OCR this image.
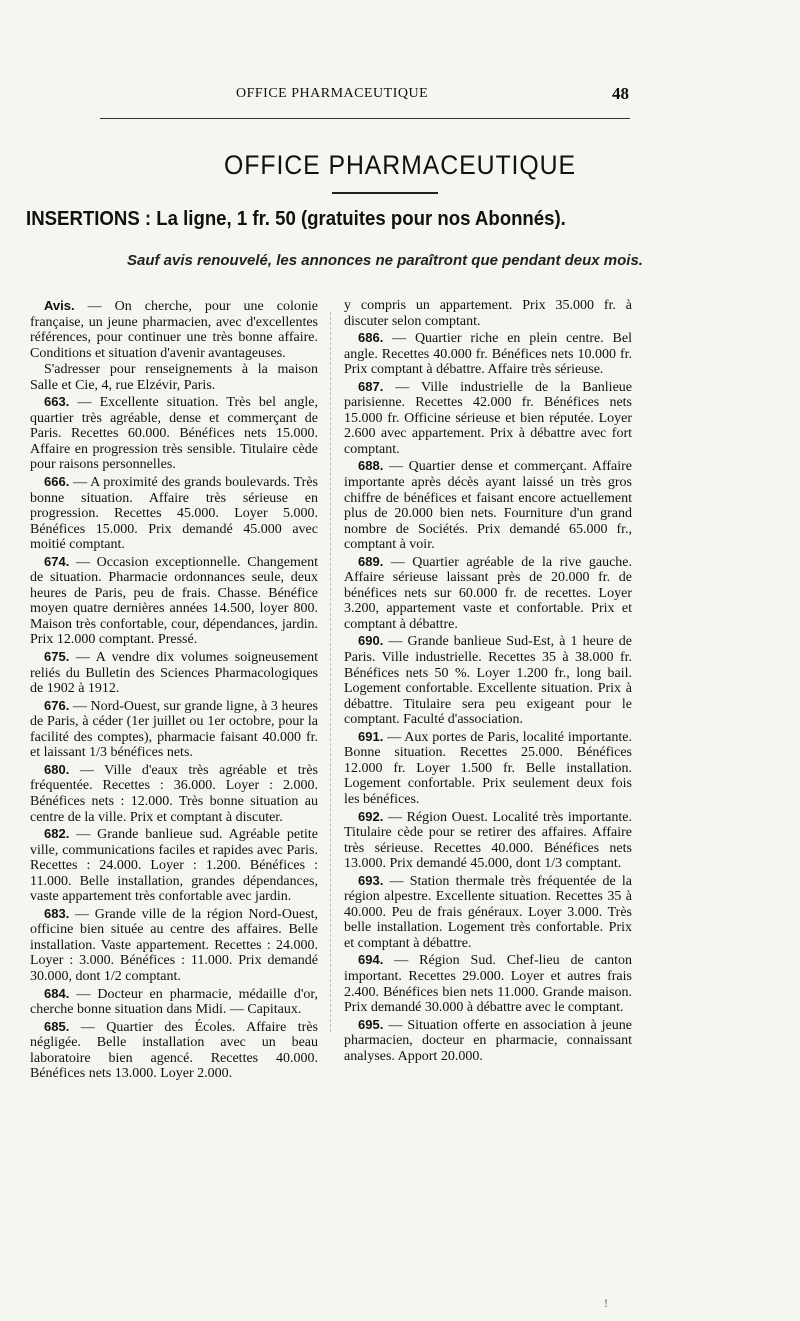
OFFICE PHARMACEUTIQUE	48
OFFICE PHARMACEUTIQUE
INSERTIONS : La ligne, 1 fr. 50 (gratuites pour nos Abonnés).
Sauf avis renouvelé, les annonces ne paraîtront que pendant deux mois.

Avis. — On cherche, pour une colonie française, un jeune pharmacien, avec d'excellentes références, pour continuer une très bonne affaire. Conditions et situation d'avenir avantageuses.

S'adresser pour renseignements à la maison Salle et Cie, 4, rue Elzévir, Paris.

663. — Excellente situation. Très bel angle, quartier très agréable, dense et commerçant de Paris. Recettes 60.000. Bénéfices nets 15.000. Affaire en progression très sensible. Titulaire cède pour raisons personnelles.

666. — A proximité des grands boulevards. Très bonne situation. Affaire très sérieuse en progression. Recettes 45.000. Loyer 5.000. Bénéfices 15.000. Prix demandé 45.000 avec moitié comptant.

674. — Occasion exceptionnelle. Changement de situation. Pharmacie ordonnances seule, deux heures de Paris, peu de frais. Chasse. Bénéfice moyen quatre dernières années 14.500, loyer 800. Maison très confortable, cour, dépendances, jardin. Prix 12.000 comptant. Pressé.

675. — A vendre dix volumes soigneusement reliés du Bulletin des Sciences Pharmacologiques de 1902 à 1912.

676. — Nord-Ouest, sur grande ligne, à 3 heures de Paris, à céder (1er juillet ou 1er octobre, pour la facilité des comptes), pharmacie faisant 40.000 fr. et laissant 1/3 bénéfices nets.

680. — Ville d'eaux très agréable et très fréquentée. Recettes : 36.000. Loyer : 2.000. Bénéfices nets : 12.000. Très bonne situation au centre de la ville. Prix et comptant à discuter.

682. — Grande banlieue sud. Agréable petite ville, communications faciles et rapides avec Paris. Recettes : 24.000. Loyer : 1.200. Bénéfices : 11.000. Belle installation, grandes dépendances, vaste appartement très confortable avec jardin.

683. — Grande ville de la région Nord-Ouest, officine bien située au centre des affaires. Belle installation. Vaste appartement. Recettes : 24.000. Loyer : 3.000. Bénéfices : 11.000. Prix demandé 30.000, dont 1/2 comptant.

684. — Docteur en pharmacie, médaille d'or, cherche bonne situation dans Midi. — Capitaux.

685. — Quartier des Écoles. Affaire très négligée. Belle installation avec un beau laboratoire bien agencé. Recettes 40.000. Bénéfices nets 13.000. Loyer 2.000.

y compris un appartement. Prix 35.000 fr. à discuter selon comptant.

686. — Quartier riche en plein centre. Bel angle. Recettes 40.000 fr. Bénéfices nets 10.000 fr. Prix comptant à débattre. Affaire très sérieuse.

687. — Ville industrielle de la Banlieue parisienne. Recettes 42.000 fr. Bénéfices nets 15.000 fr. Officine sérieuse et bien réputée. Loyer 2.600 avec appartement. Prix à débattre avec fort comptant.

688. — Quartier dense et commerçant. Affaire importante après décès ayant laissé un très gros chiffre de bénéfices et faisant encore actuellement plus de 20.000 bien nets. Fourniture d'un grand nombre de Sociétés. Prix demandé 65.000 fr., comptant à voir.

689. — Quartier agréable de la rive gauche. Affaire sérieuse laissant près de 20.000 fr. de bénéfices nets sur 60.000 fr. de recettes. Loyer 3.200, appartement vaste et confortable. Prix et comptant à débattre.

690. — Grande banlieue Sud-Est, à 1 heure de Paris. Ville industrielle. Recettes 35 à 38.000 fr. Bénéfices nets 50 %. Loyer 1.200 fr., long bail. Logement confortable. Excellente situation. Prix à débattre. Titulaire sera peu exigeant pour le comptant. Faculté d'association.

691. — Aux portes de Paris, localité importante. Bonne situation. Recettes 25.000. Bénéfices 12.000 fr. Loyer 1.500 fr. Belle installation. Logement confortable. Prix seulement deux fois les bénéfices.

692. — Région Ouest. Localité très importante. Titulaire cède pour se retirer des affaires. Affaire très sérieuse. Recettes 40.000. Bénéfices nets 13.000. Prix demandé 45.000, dont 1/3 comptant.

693. — Station thermale très fréquentée de la région alpestre. Excellente situation. Recettes 35 à 40.000. Peu de frais généraux. Loyer 3.000. Très belle installation. Logement très confortable. Prix et comptant à débattre.

694. — Région Sud. Chef-lieu de canton important. Recettes 29.000. Loyer et autres frais 2.400. Bénéfices bien nets 11.000. Grande maison. Prix demandé 30.000 à débattre avec le comptant.

695. — Situation offerte en association à jeune pharmacien, docteur en pharmacie, connaissant analyses. Apport 20.000.

!
